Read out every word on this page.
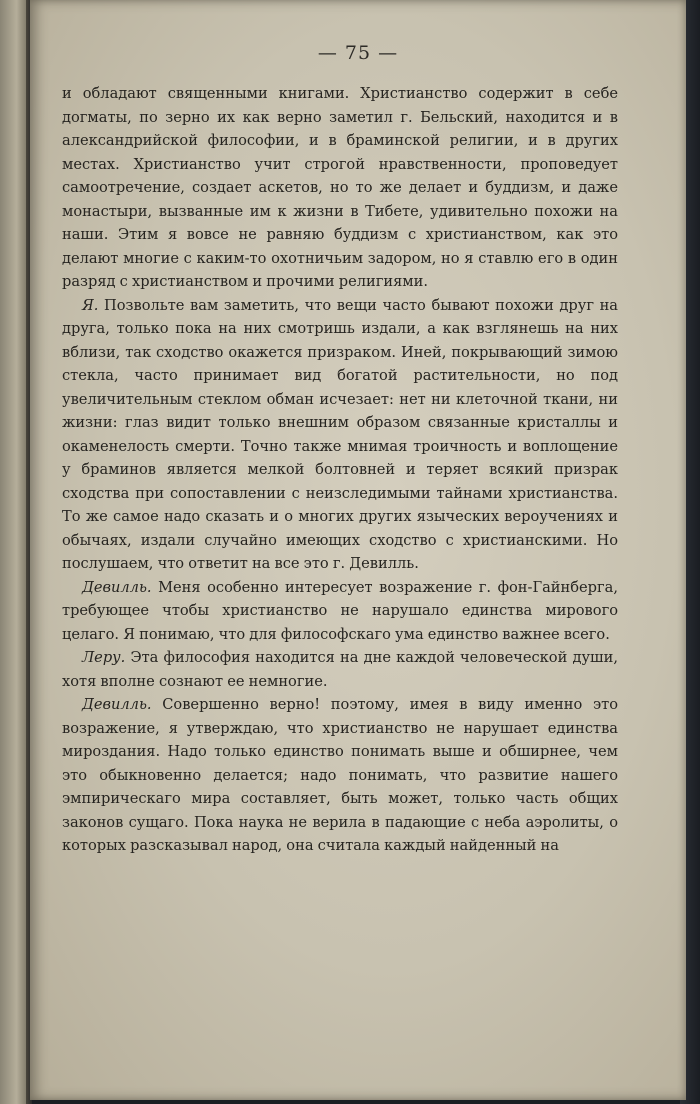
— 75 —

и обладают священными книгами. Христианство содержит в себе догматы, по зерно их как верно заметил г. Бельский, находится и в александрийской философии, и в браминской религии, и в других местах. Христианство учит строгой нравственности, проповедует самоотречение, создает аскетов, но то же делает и буддизм, и даже монастыри, вызванные им к жизни в Тибете, удивительно похожи на наши. Этим я вовсе не равняю буддизм с христианством, как это делают многие с каким-то охотничьим задором, но я ставлю его в один разряд с христианством и прочими религиями.

Я. Позвольте вам заметить, что вещи часто бывают похожи друг на друга, только пока на них смотришь издали, а как взглянешь на них вблизи, так сходство окажется призраком. Иней, покрывающий зимою стекла, часто принимает вид богатой растительности, но под увеличительным стеклом обман исчезает: нет ни клеточной ткани, ни жизни: глаз видит только внешним образом связанные кристаллы и окаменелость смерти. Точно также мнимая троичность и воплощение у браминов является мелкой болтовней и теряет всякий призрак сходства при сопоставлении с неизследимыми тайнами христианства. То же самое надо сказать и о многих других языческих вероучениях и обычаях, издали случайно имеющих сходство с христианскими. Но послушаем, что ответит на все это г. Девилль.

Девилль. Меня особенно интересует возражение г. фон-Гайнберга, требующее чтобы христианство не нарушало единства мирового целаго. Я понимаю, что для философскаго ума единство важнее всего.

Леру. Эта философия находится на дне каждой человеческой души, хотя вполне сознают ее немногие.

Девилль. Совершенно верно! поэтому, имея в виду именно это возражение, я утверждаю, что христианство не нарушает единства мироздания. Надо только единство понимать выше и обширнее, чем это обыкновенно делается; надо понимать, что развитие нашего эмпирическаго мира составляет, быть может, только часть общих законов сущаго. Пока наука не верила в падающие с неба аэролиты, о которых разсказывал народ, она считала каждый найденный на
